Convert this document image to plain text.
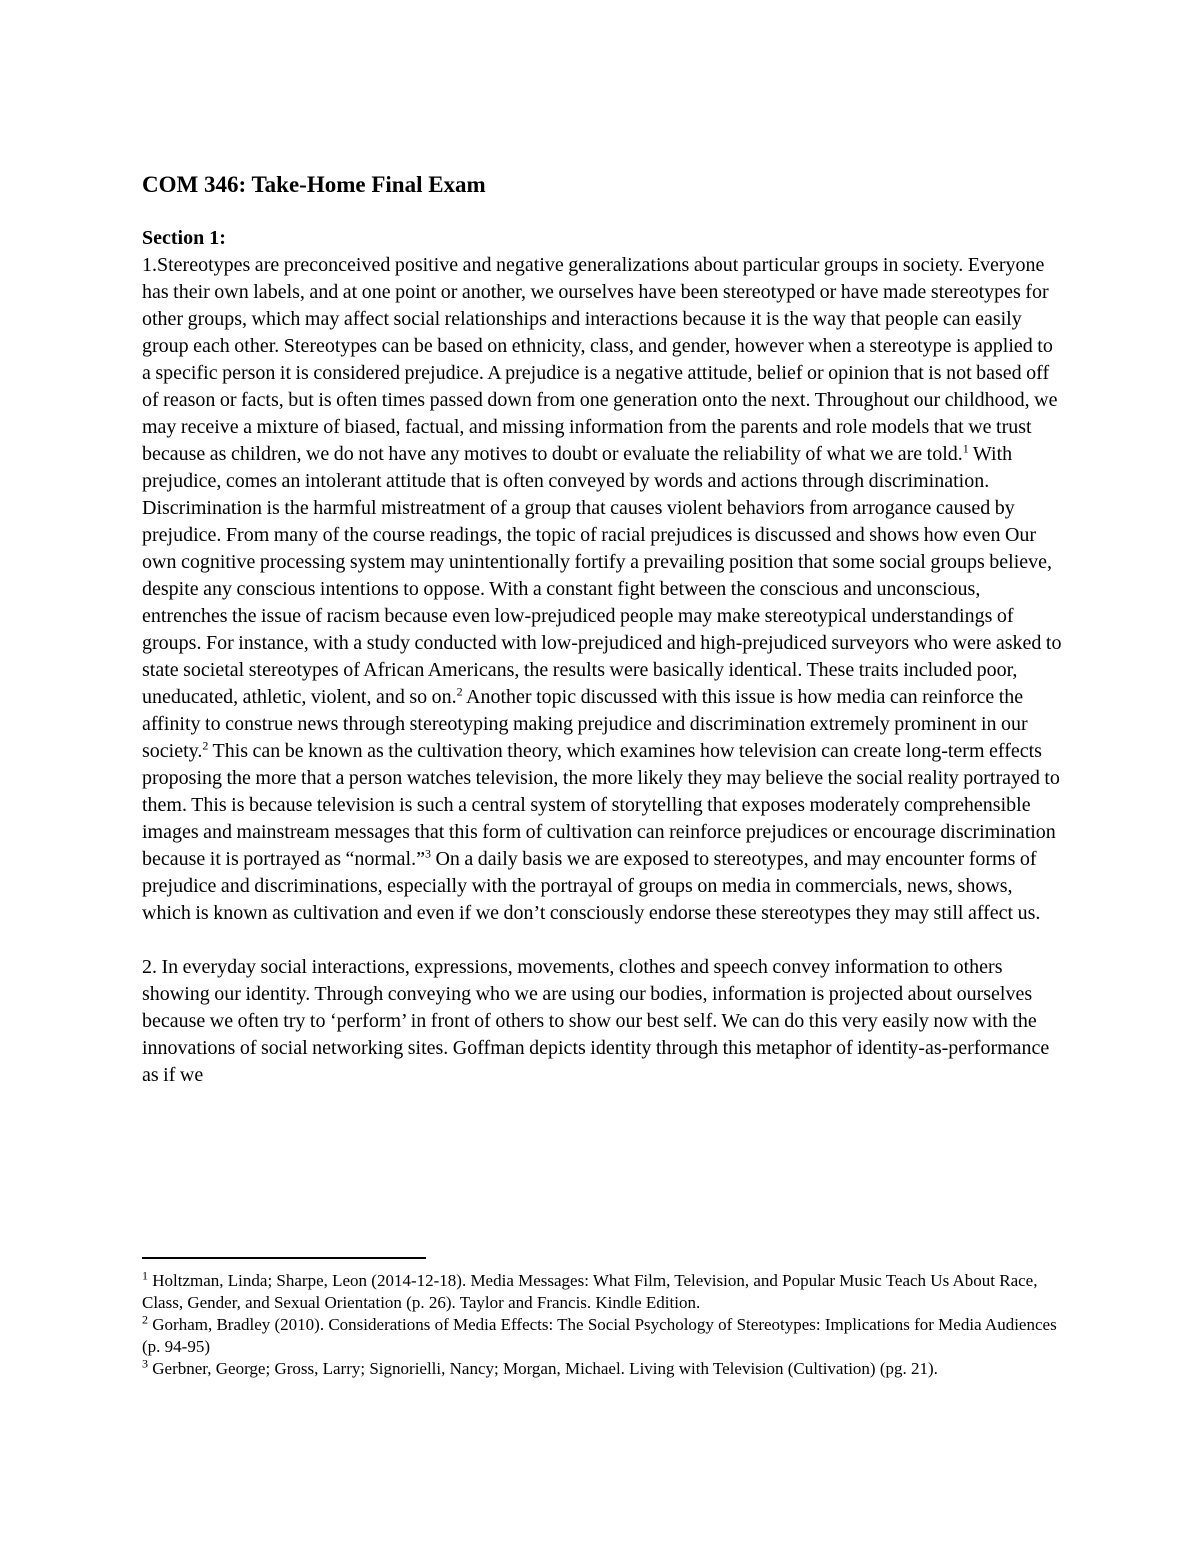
COM 346: Take-Home Final Exam
Section 1:

1.Stereotypes are preconceived positive and negative generalizations about particular groups in society. Everyone has their own labels, and at one point or another, we ourselves have been stereotyped or have made stereotypes for other groups, which may affect social relationships and interactions because it is the way that people can easily group each other. Stereotypes can be based on ethnicity, class, and gender, however when a stereotype is applied to a specific person it is considered prejudice. A prejudice is a negative attitude, belief or opinion that is not based off of reason or facts, but is often times passed down from one generation onto the next. Throughout our childhood, we may receive a mixture of biased, factual, and missing information from the parents and role models that we trust because as children, we do not have any motives to doubt or evaluate the reliability of what we are told.$^1$ With prejudice, comes an intolerant attitude that is often conveyed by words and actions through discrimination. Discrimination is the harmful mistreatment of a group that causes violent behaviors from arrogance caused by prejudice. From many of the course readings, the topic of racial prejudices is discussed and shows how even Our own cognitive processing system may unintentionally fortify a prevailing position that some social groups believe, despite any conscious intentions to oppose. With a constant fight between the conscious and unconscious, entrenches the issue of racism because even low-prejudiced people may make stereotypical understandings of groups. For instance, with a study conducted with low-prejudiced and high-prejudiced surveyors who were asked to state societal stereotypes of African Americans, the results were basically identical. These traits included poor, uneducated, athletic, violent, and so on.$^2$ Another topic discussed with this issue is how media can reinforce the affinity to construe news through stereotyping making prejudice and discrimination extremely prominent in our society.$^2$ This can be known as the cultivation theory, which examines how television can create long-term effects proposing the more that a person watches television, the more likely they may believe the social reality portrayed to them. This is because television is such a central system of storytelling that exposes moderately comprehensible images and mainstream messages that this form of cultivation can reinforce prejudices or encourage discrimination because it is portrayed as “normal.”$^3$ On a daily basis we are exposed to stereotypes, and may encounter forms of prejudice and discriminations, especially with the portrayal of groups on media in commercials, news, shows, which is known as cultivation and even if we don’t consciously endorse these stereotypes they may still affect us.

2. In everyday social interactions, expressions, movements, clothes and speech convey information to others showing our identity. Through conveying who we are using our bodies, information is projected about ourselves because we often try to ‘perform’ in front of others to show our best self. We can do this very easily now with the innovations of social networking sites. Goffman depicts identity through this metaphor of identity-as-performance as if we

$^1$ Holtzman, Linda; Sharpe, Leon (2014-12-18). Media Messages: What Film, Television, and Popular Music Teach Us About Race, Class, Gender, and Sexual Orientation (p. 26). Taylor and Francis. Kindle Edition.

$^2$ Gorham, Bradley (2010). Considerations of Media Effects: The Social Psychology of Stereotypes: Implications for Media Audiences (p. 94-95)

$^3$ Gerbner, George; Gross, Larry; Signorielli, Nancy; Morgan, Michael. Living with Television (Cultivation) (pg. 21).
